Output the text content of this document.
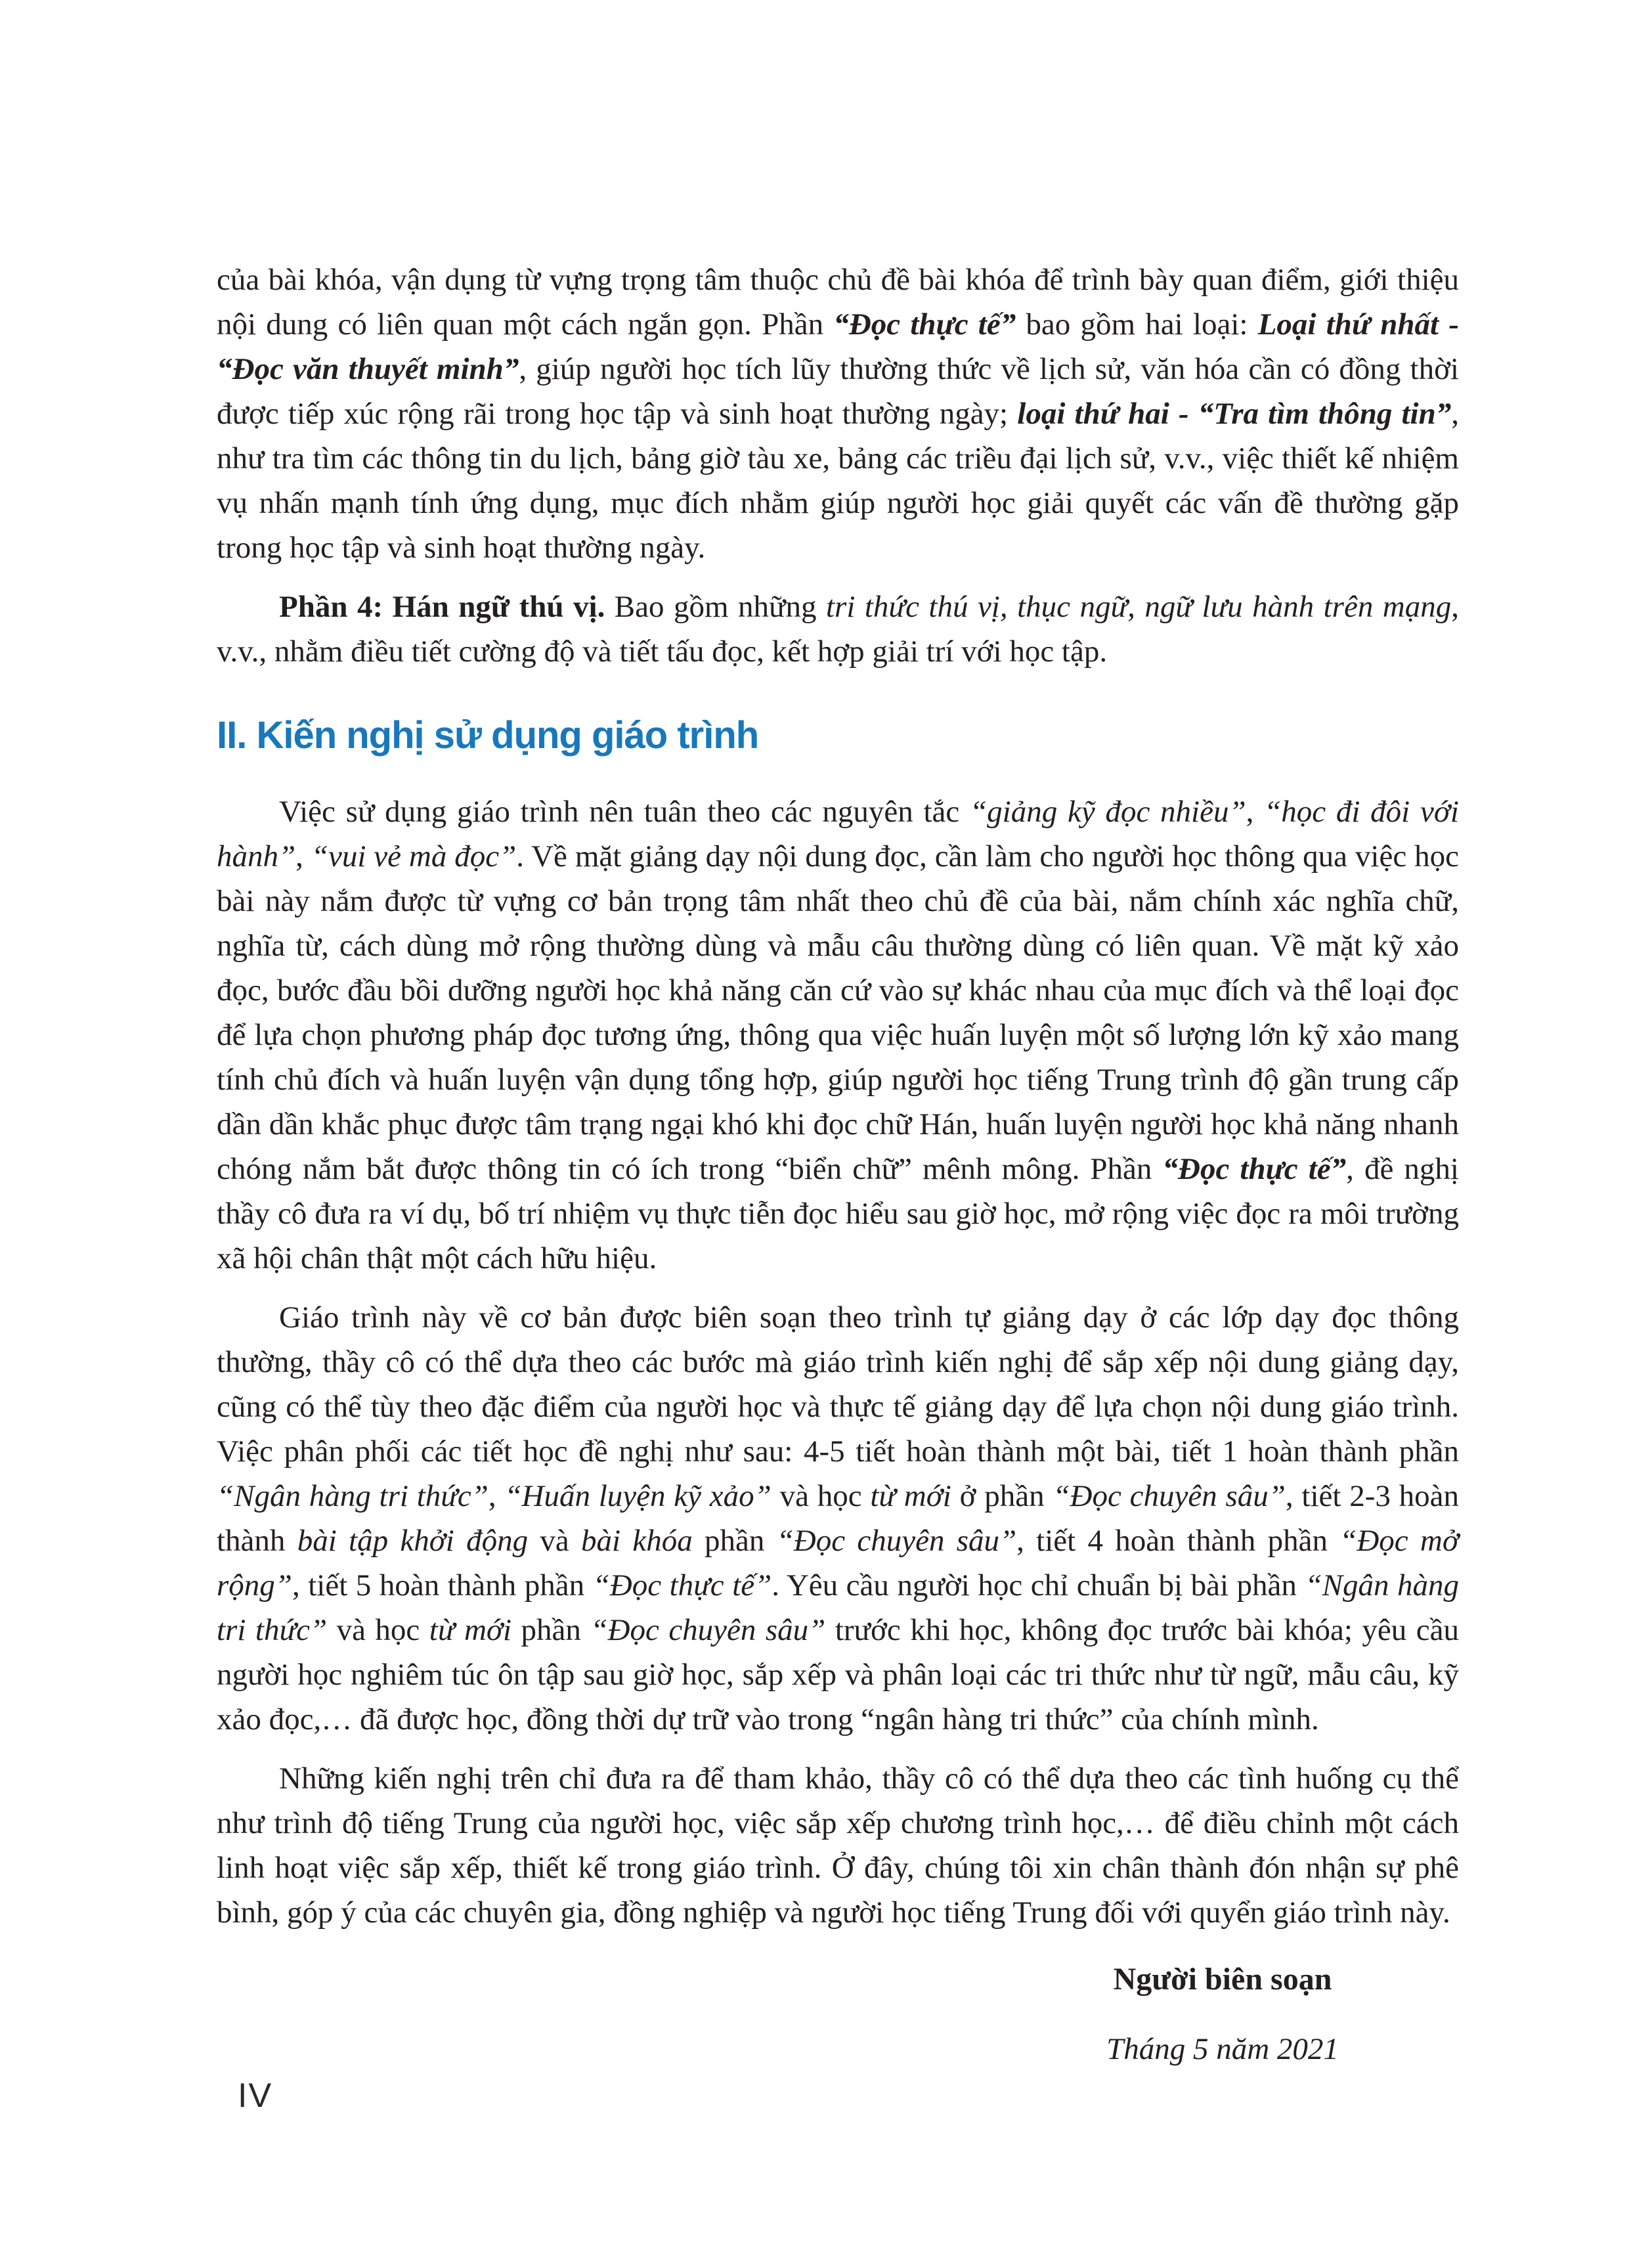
của bài khóa, vận dụng từ vựng trọng tâm thuộc chủ đề bài khóa để trình bày quan điểm, giới thiệu nội dung có liên quan một cách ngắn gọn. Phần “Đọc thực tế” bao gồm hai loại: Loại thứ nhất - “Đọc văn thuyết minh”, giúp người học tích lũy thường thức về lịch sử, văn hóa cần có đồng thời được tiếp xúc rộng rãi trong học tập và sinh hoạt thường ngày; loại thứ hai - “Tra tìm thông tin”, như tra tìm các thông tin du lịch, bảng giờ tàu xe, bảng các triều đại lịch sử, v.v., việc thiết kế nhiệm vụ nhấn mạnh tính ứng dụng, mục đích nhằm giúp người học giải quyết các vấn đề thường gặp trong học tập và sinh hoạt thường ngày.

Phần 4: Hán ngữ thú vị. Bao gồm những tri thức thú vị, thục ngữ, ngữ lưu hành trên mạng, v.v., nhằm điều tiết cường độ và tiết tấu đọc, kết hợp giải trí với học tập.

II. Kiến nghị sử dụng giáo trình

Việc sử dụng giáo trình nên tuân theo các nguyên tắc “giảng kỹ đọc nhiều”, “học đi đôi với hành”, “vui vẻ mà đọc”. Về mặt giảng dạy nội dung đọc, cần làm cho người học thông qua việc học bài này nắm được từ vựng cơ bản trọng tâm nhất theo chủ đề của bài, nắm chính xác nghĩa chữ, nghĩa từ, cách dùng mở rộng thường dùng và mẫu câu thường dùng có liên quan. Về mặt kỹ xảo đọc, bước đầu bồi dưỡng người học khả năng căn cứ vào sự khác nhau của mục đích và thể loại đọc để lựa chọn phương pháp đọc tương ứng, thông qua việc huấn luyện một số lượng lớn kỹ xảo mang tính chủ đích và huấn luyện vận dụng tổng hợp, giúp người học tiếng Trung trình độ gần trung cấp dần dần khắc phục được tâm trạng ngại khó khi đọc chữ Hán, huấn luyện người học khả năng nhanh chóng nắm bắt được thông tin có ích trong “biển chữ” mênh mông. Phần “Đọc thực tế”, đề nghị thầy cô đưa ra ví dụ, bố trí nhiệm vụ thực tiễn đọc hiểu sau giờ học, mở rộng việc đọc ra môi trường xã hội chân thật một cách hữu hiệu.

Giáo trình này về cơ bản được biên soạn theo trình tự giảng dạy ở các lớp dạy đọc thông thường, thầy cô có thể dựa theo các bước mà giáo trình kiến nghị để sắp xếp nội dung giảng dạy, cũng có thể tùy theo đặc điểm của người học và thực tế giảng dạy để lựa chọn nội dung giáo trình. Việc phân phối các tiết học đề nghị như sau: 4-5 tiết hoàn thành một bài, tiết 1 hoàn thành phần “Ngân hàng tri thức”, “Huấn luyện kỹ xảo” và học từ mới ở phần “Đọc chuyên sâu”, tiết 2-3 hoàn thành bài tập khởi động và bài khóa phần “Đọc chuyên sâu”, tiết 4 hoàn thành phần “Đọc mở rộng”, tiết 5 hoàn thành phần “Đọc thực tế”. Yêu cầu người học chỉ chuẩn bị bài phần “Ngân hàng tri thức” và học từ mới phần “Đọc chuyên sâu” trước khi học, không đọc trước bài khóa; yêu cầu người học nghiêm túc ôn tập sau giờ học, sắp xếp và phân loại các tri thức như từ ngữ, mẫu câu, kỹ xảo đọc,… đã được học, đồng thời dự trữ vào trong “ngân hàng tri thức” của chính mình.

Những kiến nghị trên chỉ đưa ra để tham khảo, thầy cô có thể dựa theo các tình huống cụ thể như trình độ tiếng Trung của người học, việc sắp xếp chương trình học,… để điều chỉnh một cách linh hoạt việc sắp xếp, thiết kế trong giáo trình. Ở đây, chúng tôi xin chân thành đón nhận sự phê bình, góp ý của các chuyên gia, đồng nghiệp và người học tiếng Trung đối với quyển giáo trình này.

Người biên soạn
Tháng 5 năm 2021
IV
